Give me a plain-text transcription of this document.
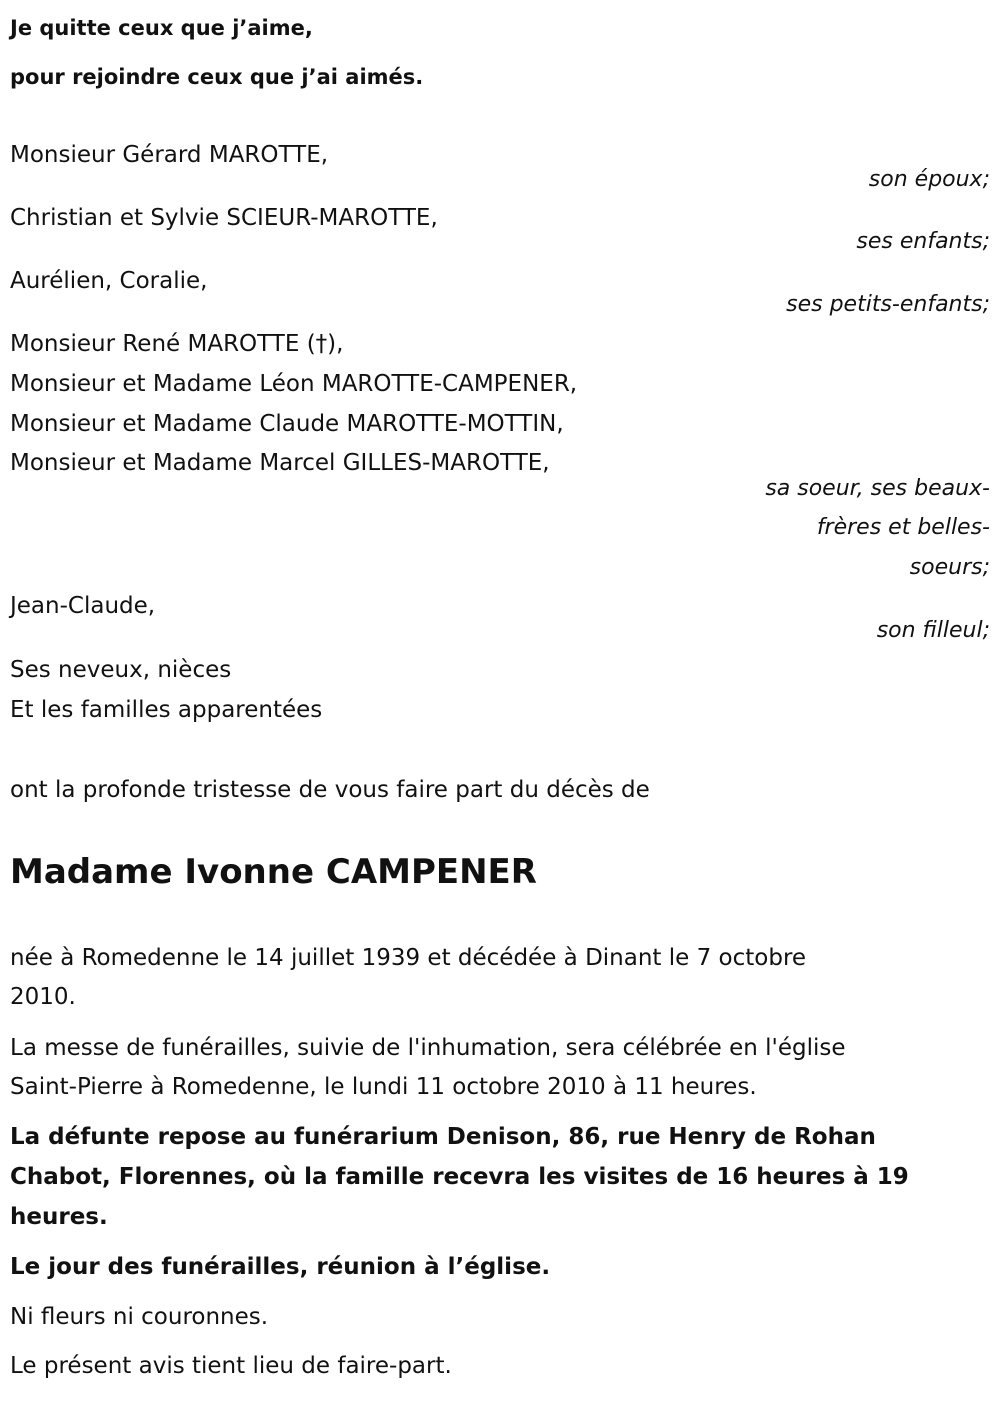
Je quitte ceux que j’aime,
pour rejoindre ceux que j’ai aimés.
Monsieur Gérard MAROTTE,
son époux;
Christian et Sylvie SCIEUR-MAROTTE,
ses enfants;
Aurélien, Coralie,
ses petits-enfants;
Monsieur René MAROTTE (†),
Monsieur et Madame Léon MAROTTE-CAMPENER,
Monsieur et Madame Claude MAROTTE-MOTTIN,
Monsieur et Madame Marcel GILLES-MAROTTE,
sa soeur, ses beaux-
frères et belles-
soeurs;
Jean-Claude,
son filleul;
Ses neveux, nièces
Et les familles apparentées
ont la profonde tristesse de vous faire part du décès de
Madame Ivonne CAMPENER
née à Romedenne le 14 juillet 1939 et décédée à Dinant le 7 octobre
2010.
La messe de funérailles, suivie de l'inhumation, sera célébrée en l'église
Saint-Pierre à Romedenne, le lundi 11 octobre 2010 à 11 heures.
La défunte repose au funérarium Denison, 86, rue Henry de Rohan
Chabot, Florennes, où la famille recevra les visites de 16 heures à 19
heures.
Le jour des funérailles, réunion à l’église.
Ni fleurs ni couronnes.
Le présent avis tient lieu de faire-part.
